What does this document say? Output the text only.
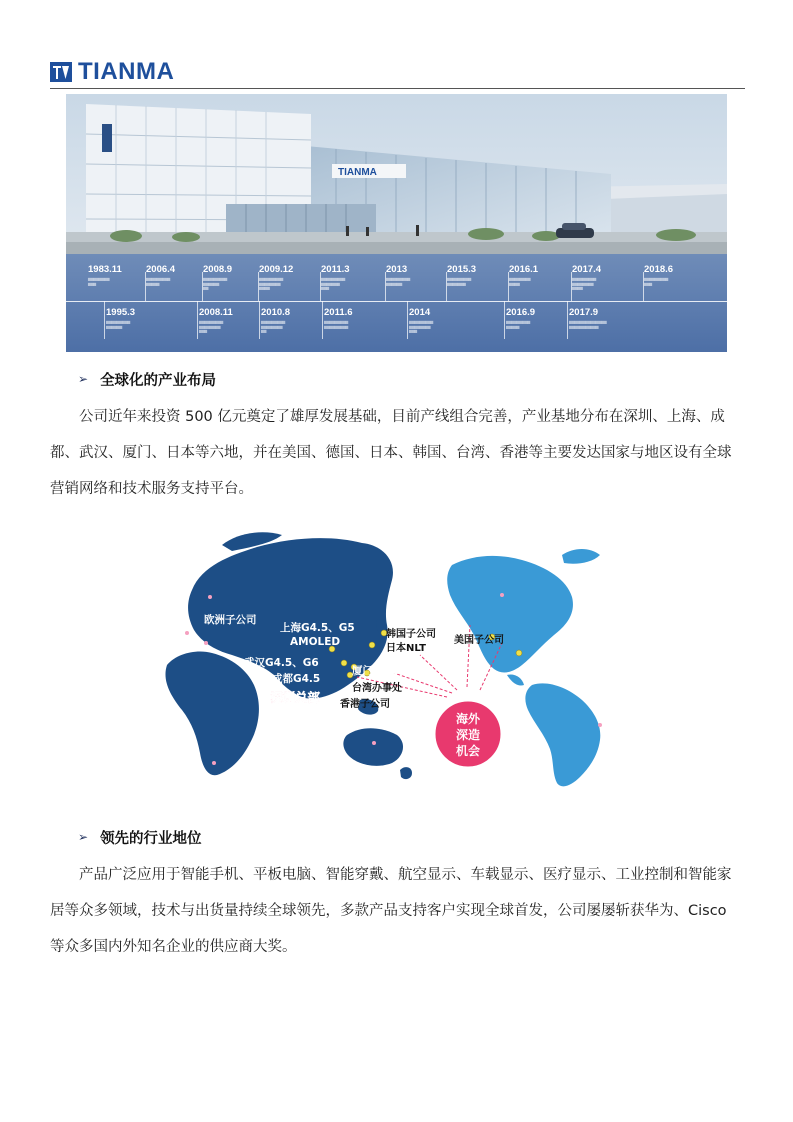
TIANMA
TIANMA
1983.11
▆▆▆▆▆▆▆▆
▆▆▆
2006.4
▆▆▆▆▆▆▆▆▆
▆▆▆▆▆
2008.9
▆▆▆▆▆▆▆▆▆
▆▆▆▆▆▆
▆▆
2009.12
▆▆▆▆▆▆▆▆▆
▆▆▆▆▆▆▆▆
▆▆▆▆
2011.3
▆▆▆▆▆▆▆▆▆
▆▆▆▆▆▆▆
▆▆▆
2013
▆▆▆▆▆▆▆▆▆
▆▆▆▆▆▆
2015.3
▆▆▆▆▆▆▆▆▆
▆▆▆▆▆▆▆
2016.1
▆▆▆▆▆▆▆▆
▆▆▆▆
2017.4
▆▆▆▆▆▆▆▆▆
▆▆▆▆▆▆▆▆
▆▆▆▆
2018.6
▆▆▆▆▆▆▆▆▆
▆▆▆
1995.3
▆▆▆▆▆▆▆▆▆
▆▆▆▆▆▆
2008.11
▆▆▆▆▆▆▆▆▆
▆▆▆▆▆▆▆▆
▆▆▆
2010.8
▆▆▆▆▆▆▆▆▆
▆▆▆▆▆▆▆▆
▆▆
2011.6
▆▆▆▆▆▆▆▆▆
▆▆▆▆▆▆▆▆▆
2014
▆▆▆▆▆▆▆▆▆
▆▆▆▆▆▆▆▆
▆▆▆
2016.9
▆▆▆▆▆▆▆▆▆
▆▆▆▆▆
2017.9
▆▆▆▆▆▆▆▆▆▆▆▆▆▆
▆▆▆▆▆▆▆▆▆▆▆
➢ 全球化的产业布局
公司近年来投资 500 亿元奠定了雄厚发展基础，目前产线组合完善，产业基地分布在深圳、上海、成都、武汉、厦门、日本等六地，并在美国、德国、日本、韩国、台湾、香港等主要发达国家与地区设有全球营销网络和技术服务支持平台。
海外
深造
机会
欧洲子公司
上海G4.5、G5
AMOLED
武汉G4.5、G6
成都G4.5
厦门G5.5、G6
深圳总部
韩国子公司
日本NLT
台湾办事处
香港子公司
美国子公司
➢ 领先的行业地位
产品广泛应用于智能手机、平板电脑、智能穿戴、航空显示、车载显示、医疗显示、工业控制和智能家居等众多领域，技术与出货量持续全球领先，多款产品支持客户实现全球首发，公司屡屡斩获华为、Cisco 等众多国内外知名企业的供应商大奖。
